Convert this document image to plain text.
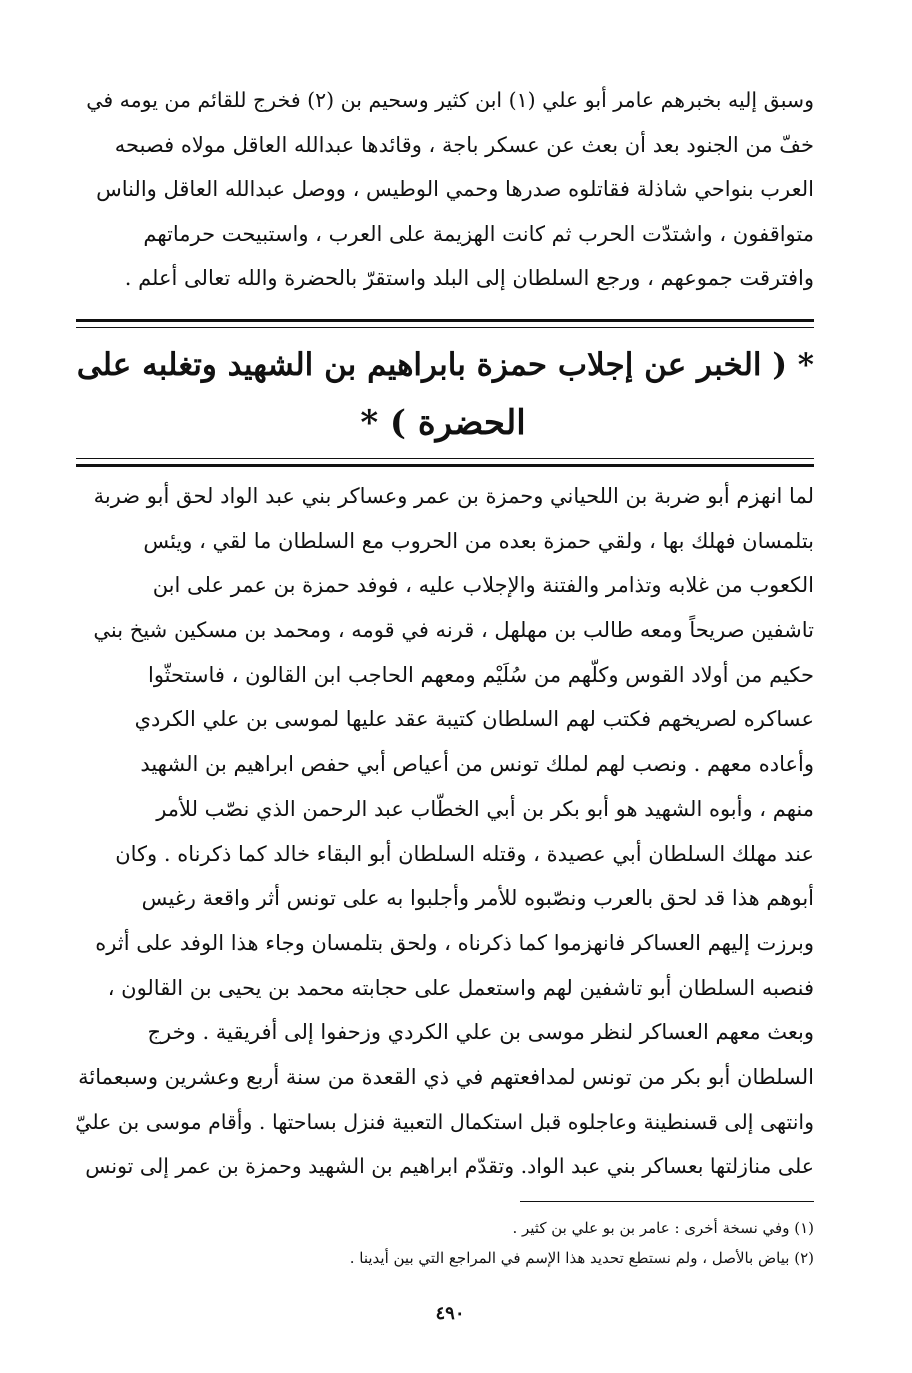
وسبق إليه بخبرهم عامر أبو علي (١) ابن كثير وسحيم بن (٢) فخرج للقائم من يومه في
خفّ من الجنود بعد أن بعث عن عسكر باجة ، وقائدها عبدالله العاقل مولاه فصبحه
العرب بنواحي شاذلة فقاتلوه صدرها وحمي الوطيس ، ووصل عبدالله العاقل والناس
متواقفون ، واشتدّت الحرب ثم كانت الهزيمة على العرب ، واستبيحت حرماتهم
وافترقت جموعهم ، ورجع السلطان إلى البلد واستقرّ بالحضرة والله تعالى أعلم .
* ( الخبر عن إجلاب حمزة بابراهيم بن الشهيد وتغلبه على
الحضرة ) *
لما انهزم أبو ضربة بن اللحياني وحمزة بن عمر وعساكر بني عبد الواد لحق أبو ضربة
بتلمسان فهلك بها ، ولقي حمزة بعده من الحروب مع السلطان ما لقي ، ويئس
الكعوب من غلابه وتذامر والفتنة والإجلاب عليه ، فوفد حمزة بن عمر على ابن
تاشفين صريحاً ومعه طالب بن مهلهل ، قرنه في قومه ، ومحمد بن مسكين شيخ بني
حكيم من أولاد القوس وكلّهم من سُلَيْم ومعهم الحاجب ابن القالون ، فاستحثّوا
عساكره لصريخهم فكتب لهم السلطان كتيبة عقد عليها لموسى بن علي الكردي
وأعاده معهم . ونصب لهم لملك تونس من أعياص أبي حفص ابراهيم بن الشهيد
منهم ، وأبوه الشهيد هو أبو بكر بن أبي الخطّاب عبد الرحمن الذي نصّب للأمر
عند مهلك السلطان أبي عصيدة ، وقتله السلطان أبو البقاء خالد كما ذكرناه . وكان
أبوهم هذا قد لحق بالعرب ونصّبوه للأمر وأجلبوا به على تونس أثر واقعة رغيس
وبرزت إليهم العساكر فانهزموا كما ذكرناه ، ولحق بتلمسان وجاء هذا الوفد على أثره
فنصبه السلطان أبو تاشفين لهم واستعمل على حجابته محمد بن يحيى بن القالون ،
وبعث معهم العساكر لنظر موسى بن علي الكردي وزحفوا إلى أفريقية . وخرج
السلطان أبو بكر من تونس لمدافعتهم في ذي القعدة من سنة أربع وعشرين وسبعمائة
وانتهى إلى قسنطينة وعاجلوه قبل استكمال التعبية فنزل بساحتها . وأقام موسى بن عليّ
على منازلتها بعساكر بني عبد الواد. وتقدّم ابراهيم بن الشهيد وحمزة بن عمر إلى تونس
(١) وفي نسخة أخرى : عامر بن بو علي بن كثير .
(٢) بياض بالأصل ، ولم نستطع تحديد هذا الإسم في المراجع التي بين أيدينا .
٤٩٠
